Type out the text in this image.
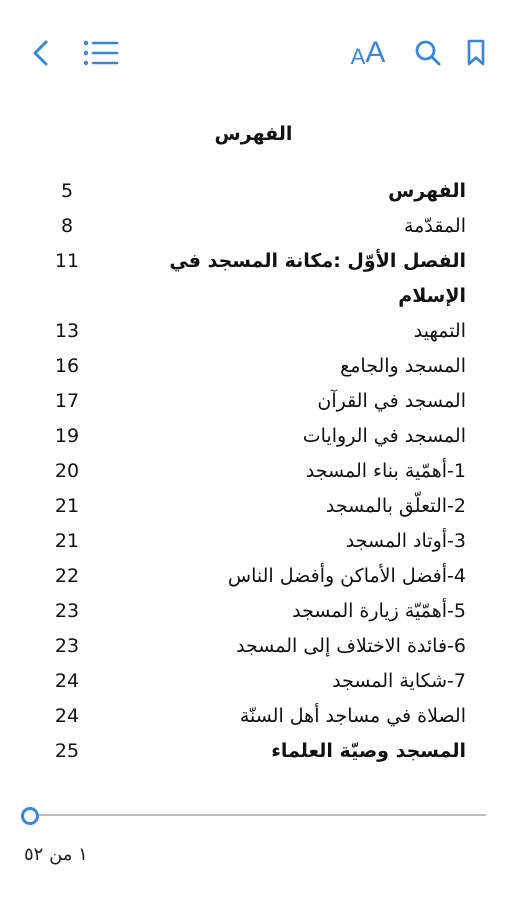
A A
الفهرس
الفهرس
5
المقدّمة
8
الفصل الأوّل :مكانة المسجد في الإسلام
11
التمهيد
13
المسجد والجامع
16
المسجد في القرآن
17
المسجد في الروايات
19
1-أهمّية بناء المسجد
20
2-التعلّق بالمسجد
21
3-أوتاد المسجد
21
4-أفضل الأماكن وأفضل الناس
22
5-أهمّيّة زيارة المسجد
23
6-فائدة الاختلاف إلى المسجد
23
7-شكاية المسجد
24
الصلاة في مساجد أهل السنّة
24
المسجد وصيّة العلماء
25
١ من ٥٢
